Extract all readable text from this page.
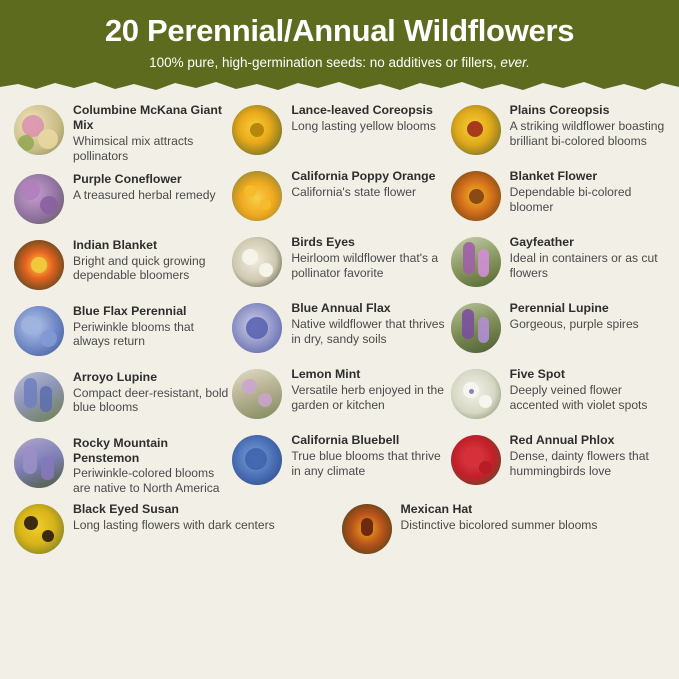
20 Perennial/Annual Wildflowers

100% pure, high-germination seeds: no additives or fillers, ever.

Columbine McKana Giant Mix

Whimsical mix attracts pollinators

Purple Coneflower

A treasured herbal remedy

Indian Blanket

Bright and quick growing dependable bloomers

Blue Flax Perennial

Periwinkle blooms that always return

Arroyo Lupine

Compact deer-resistant, bold blue blooms

Rocky Mountain Penstemon

Periwinkle-colored blooms are native to North America

Lance-leaved Coreopsis

Long lasting yellow blooms

California Poppy Orange

California's state flower

Birds Eyes

Heirloom wildflower that's a pollinator favorite

Blue Annual Flax

Native wildflower that thrives in dry, sandy soils

Lemon Mint

Versatile herb enjoyed in the garden or kitchen

California Bluebell

True blue blooms that thrive in any climate

Plains Coreopsis

A striking wildflower boasting brilliant bi-colored blooms

Blanket Flower

Dependable bi-colored bloomer

Gayfeather

Ideal in containers or as cut flowers

Perennial Lupine

Gorgeous, purple spires

Five Spot

Deeply veined flower accented with violet spots

Red Annual Phlox

Dense, dainty flowers that hummingbirds love

Black Eyed Susan

Long lasting flowers with dark centers

Mexican Hat

Distinctive bicolored summer blooms
